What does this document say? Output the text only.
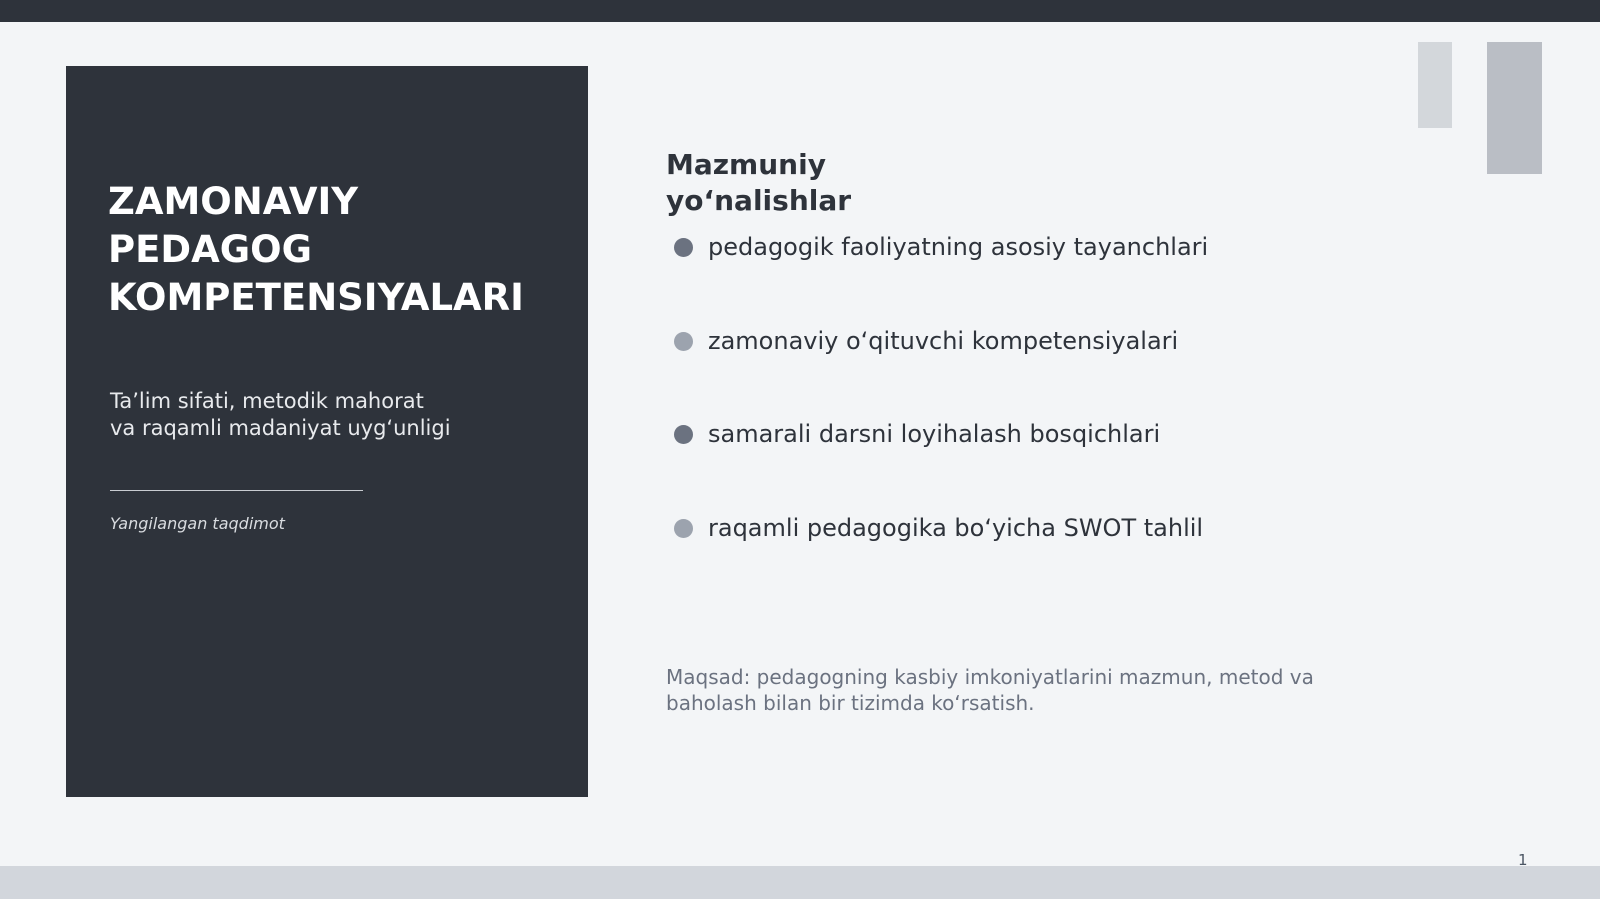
ZAMONAVIY
PEDAGOG
KOMPETENSIYALARI

Ta’lim sifati, metodik mahorat
va raqamli madaniyat uyg‘unligi

Yangilangan taqdimot

Mazmuniy
yo‘nalishlar
pedagogik faoliyatning asosiy tayanchlari
zamonaviy o‘qituvchi kompetensiyalari
samarali darsni loyihalash bosqichlari
raqamli pedagogika bo‘yicha SWOT tahlil

Maqsad: pedagogning kasbiy imkoniyatlarini mazmun, metod va baholash bilan bir tizimda ko‘rsatish.

1
